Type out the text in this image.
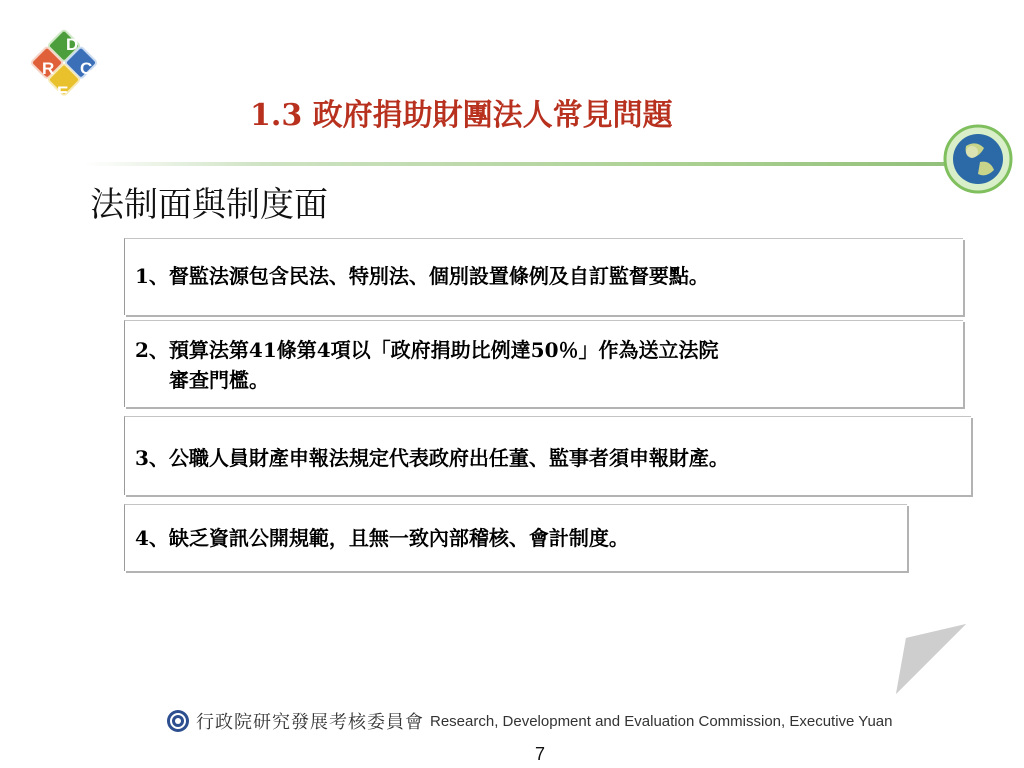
R
D
E
C
1.3 政府捐助財團法人常見問題
法制面與制度面
1、督監法源包含民法、特別法、個別設置條例及自訂監督要點。
2、預算法第41條第4項以「政府捐助比例達50％」作為送立法院
審查門檻。
3、公職人員財產申報法規定代表政府出任董、監事者須申報財產。
4、缺乏資訊公開規範，且無一致內部稽核、會計制度。
行政院研究發展考核委員會 Research, Development and Evaluation Commission, Executive Yuan
7
